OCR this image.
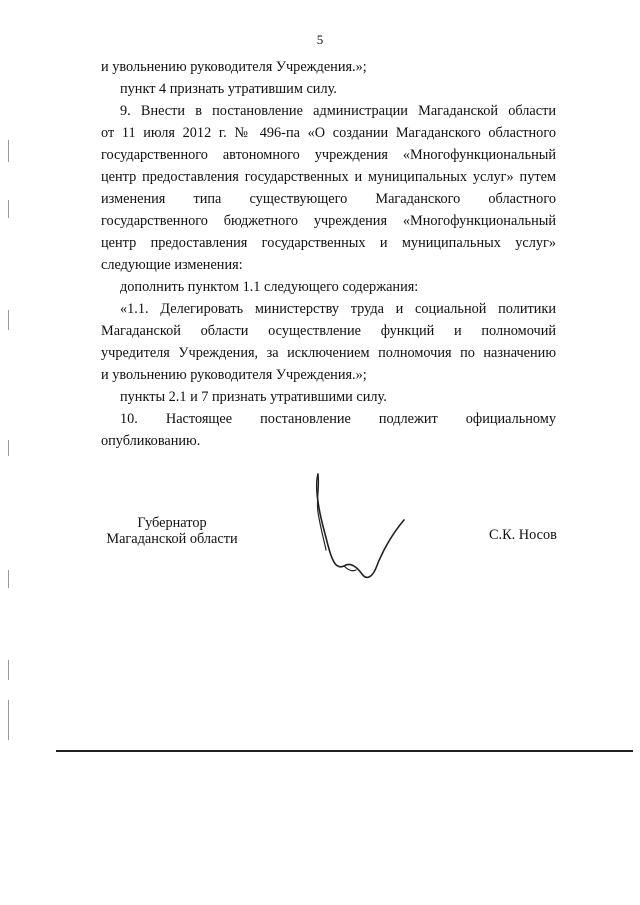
5

и увольнению руководителя Учреждения.»;

пункт 4 признать утратившим силу.

9. Внести в постановление администрации Магаданской области

от 11 июля 2012 г. № 496-па «О создании Магаданского областного

государственного автономного учреждения «Многофункциональный

центр предоставления государственных и муниципальных услуг» путем

изменения типа существующего Магаданского областного

государственного бюджетного учреждения «Многофункциональный

центр предоставления государственных и муниципальных услуг»

следующие изменения:

дополнить пунктом 1.1 следующего содержания:

«1.1. Делегировать министерству труда и социальной политики

Магаданской области осуществление функций и полномочий

учредителя Учреждения, за исключением полномочия по назначению

и увольнению руководителя Учреждения.»;

пункты 2.1 и 7 признать утратившими силу.

10. Настоящее постановление подлежит официальному

опубликованию.

Губернатор
Магаданской области	С.К. Носов
